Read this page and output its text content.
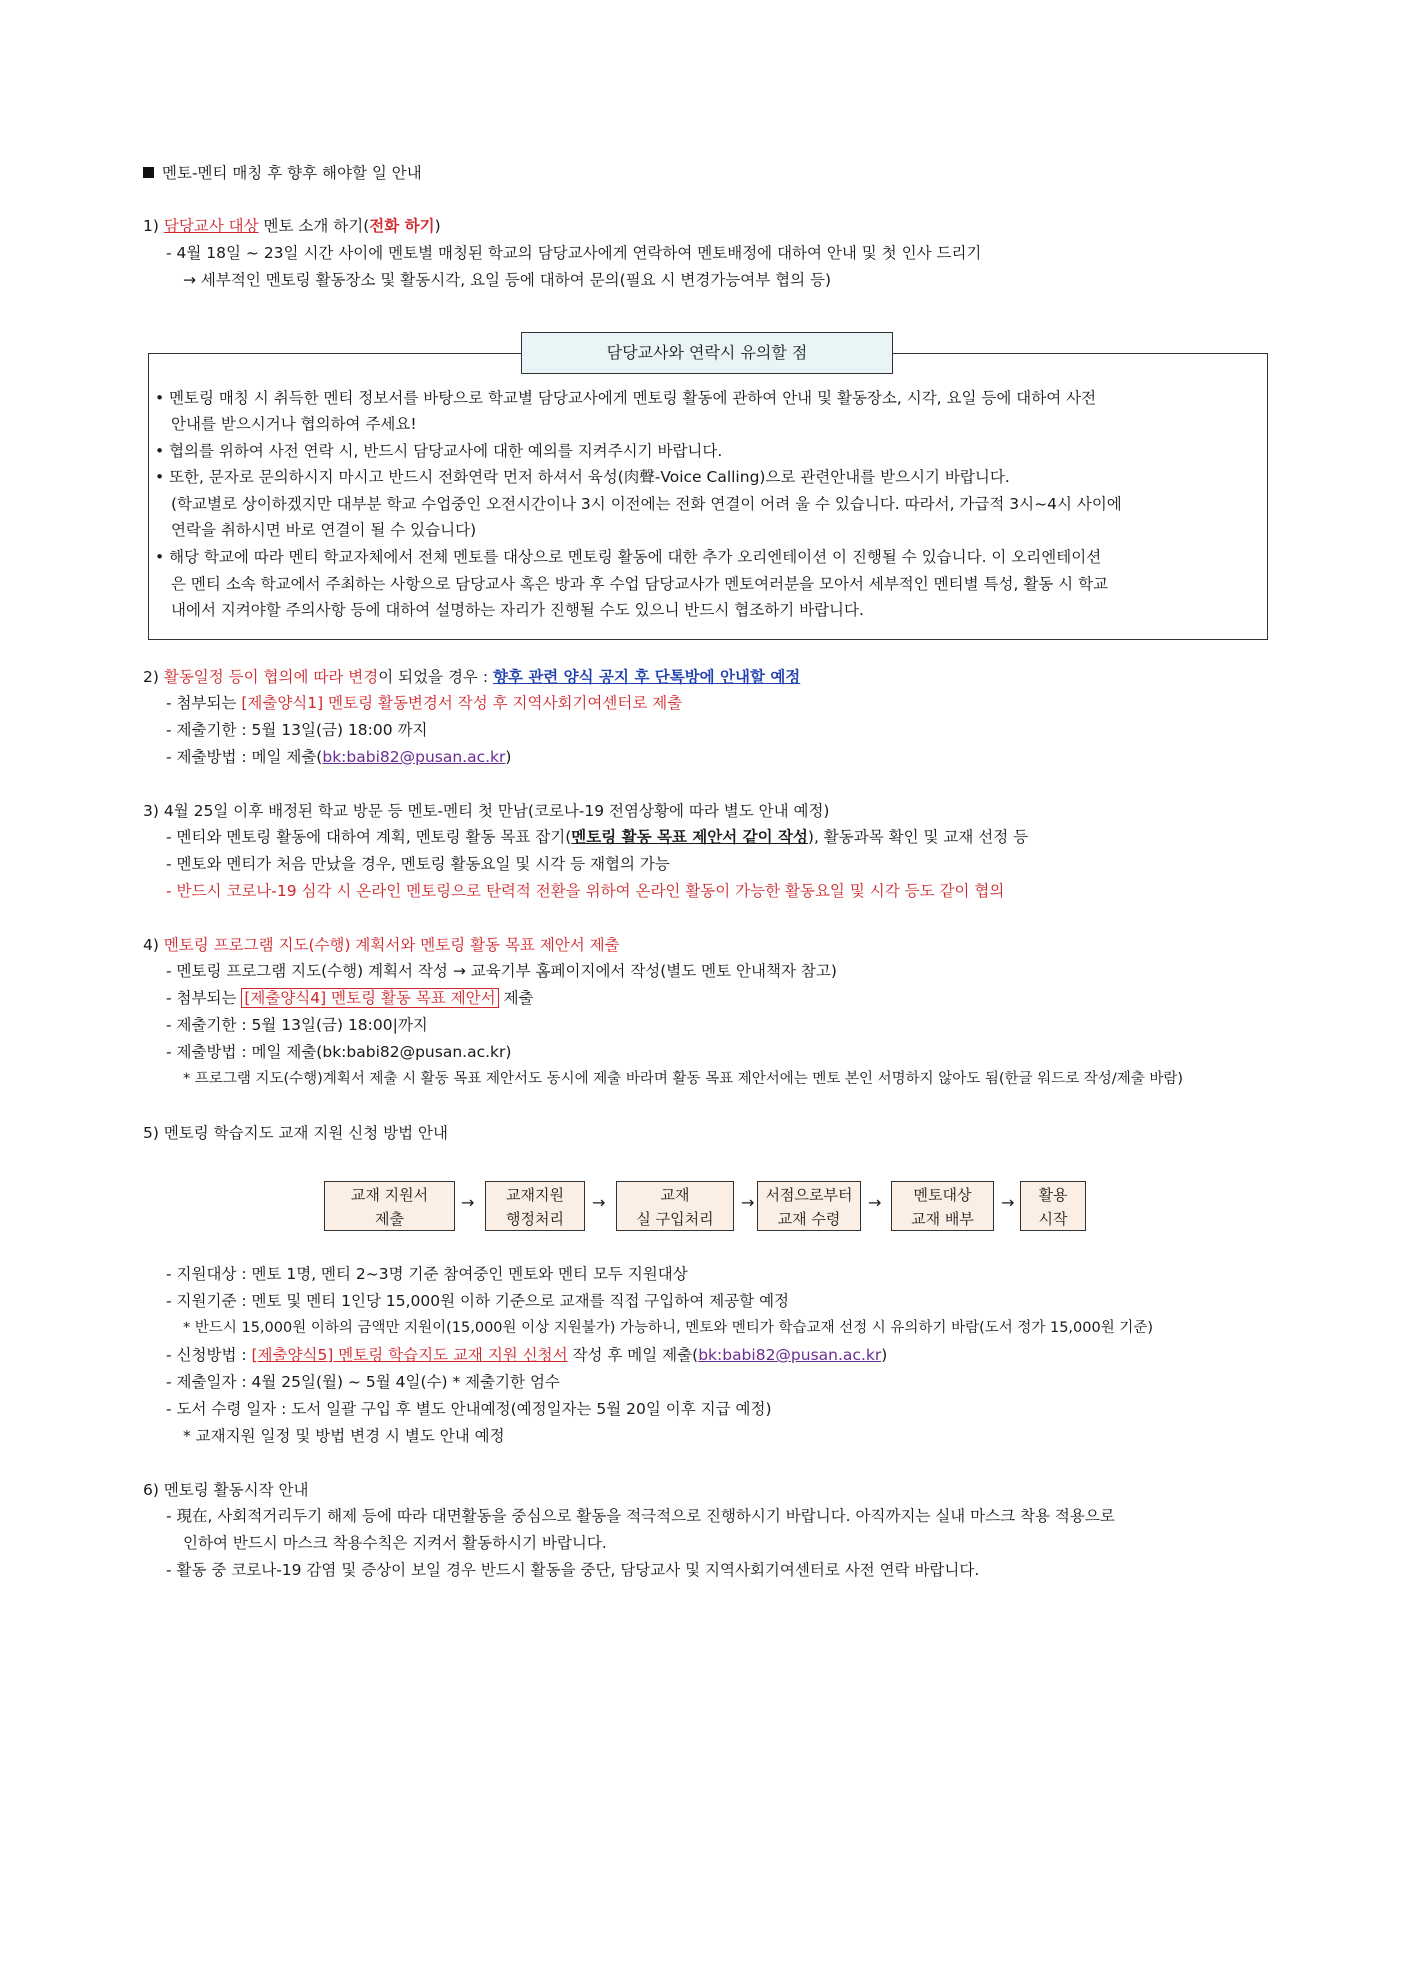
멘토-멘티 매칭 후 향후 해야할 일 안내
1) 담당교사 대상 멘토 소개 하기(전화 하기)
- 4월 18일 ~ 23일 시간 사이에 멘토별 매칭된 학교의 담당교사에게 연락하여 멘토배정에 대하여 안내 및 첫 인사 드리기
→ 세부적인 멘토링 활동장소 및 활동시각, 요일 등에 대하여 문의(필요 시 변경가능여부 협의 등)
담당교사와 연락시 유의할 점
• 멘토링 매칭 시 취득한 멘티 정보서를 바탕으로 학교별 담당교사에게 멘토링 활동에 관하여 안내 및 활동장소, 시각, 요일 등에 대하여 사전
안내를 받으시거나 협의하여 주세요!
• 협의를 위하여 사전 연락 시, 반드시 담당교사에 대한 예의를 지켜주시기 바랍니다.
• 또한, 문자로 문의하시지 마시고 반드시 전화연락 먼저 하셔서 육성(肉聲-Voice Calling)으로 관련안내를 받으시기 바랍니다.
(학교별로 상이하겠지만 대부분 학교 수업중인 오전시간이나 3시 이전에는 전화 연결이 어려 울 수 있습니다. 따라서, 가급적 3시~4시 사이에
연락을 취하시면 바로 연결이 될 수 있습니다)
• 해당 학교에 따라 멘티 학교자체에서 전체 멘토를 대상으로 멘토링 활동에 대한 추가 오리엔테이션 이 진행될 수 있습니다. 이 오리엔테이션
은 멘티 소속 학교에서 주최하는 사항으로 담당교사 혹은 방과 후 수업 담당교사가 멘토여러분을 모아서 세부적인 멘티별 특성, 활동 시 학교
내에서 지켜야할 주의사항 등에 대하여 설명하는 자리가 진행될 수도 있으니 반드시 협조하기 바랍니다.
2) 활동일정 등이 협의에 따라 변경이 되었을 경우 : 향후 관련 양식 공지 후 단톡방에 안내할 예정
- 첨부되는 [제출양식1] 멘토링 활동변경서 작성 후 지역사회기여센터로 제출
- 제출기한 : 5월 13일(금) 18:00 까지
- 제출방법 : 메일 제출(bk:babi82@pusan.ac.kr)
3) 4월 25일 이후 배정된 학교 방문 등 멘토-멘티 첫 만남(코로나-19 전염상황에 따라 별도 안내 예정)
- 멘티와 멘토링 활동에 대하여 계획, 멘토링 활동 목표 잡기(멘토링 활동 목표 제안서 같이 작성), 활동과목 확인 및 교재 선정 등
- 멘토와 멘티가 처음 만났을 경우, 멘토링 활동요일 및 시각 등 재협의 가능
- 반드시 코로나-19 심각 시 온라인 멘토링으로 탄력적 전환을 위하여 온라인 활동이 가능한 활동요일 및 시각 등도 같이 협의
4) 멘토링 프로그램 지도(수행) 계획서와 멘토링 활동 목표 제안서 제출
- 멘토링 프로그램 지도(수행) 계획서 작성 → 교육기부 홈페이지에서 작성(별도 멘토 안내책자 참고)
- 첨부되는 [제출양식4] 멘토링 활동 목표 제안서 제출
- 제출기한 : 5월 13일(금) 18:00|까지
- 제출방법 : 메일 제출(bk:babi82@pusan.ac.kr)
* 프로그램 지도(수행)계획서 제출 시 활동 목표 제안서도 동시에 제출 바라며 활동 목표 제안서에는 멘토 본인 서명하지 않아도 됨(한글 워드로 작성/제출 바람)
5) 멘토링 학습지도 교재 지원 신청 방법 안내
교재 지원서
제출
→	교재지원
행정처리
→	교재
실 구입처리
→ 서점으로부터
교재 수령
→	멘토대상
교재 배부
→	활용
시작
- 지원대상 : 멘토 1명, 멘티 2~3명 기준 참여중인 멘토와 멘티 모두 지원대상
- 지원기준 : 멘토 및 멘티 1인당 15,000원 이하 기준으로 교재를 직접 구입하여 제공할 예정
* 반드시 15,000원 이하의 금액만 지원이(15,000원 이상 지원불가) 가능하니, 멘토와 멘티가 학습교재 선정 시 유의하기 바람(도서 정가 15,000원 기준)
- 신청방법 : [제출양식5] 멘토링 학습지도 교재 지원 신청서 작성 후 메일 제출(bk:babi82@pusan.ac.kr)
- 제출일자 : 4월 25일(월) ~ 5월 4일(수) * 제출기한 엄수
- 도서 수령 일자 : 도서 일괄 구입 후 별도 안내예정(예정일자는 5월 20일 이후 지급 예정)
* 교재지원 일정 및 방법 변경 시 별도 안내 예정
6) 멘토링 활동시작 안내
- 現在, 사회적거리두기 해제 등에 따라 대면활동을 중심으로 활동을 적극적으로 진행하시기 바랍니다. 아직까지는 실내 마스크 착용 적용으로
인하여 반드시 마스크 착용수칙은 지켜서 활동하시기 바랍니다.
- 활동 중 코로나-19 감염 및 증상이 보일 경우 반드시 활동을 중단, 담당교사 및 지역사회기여센터로 사전 연락 바랍니다.
